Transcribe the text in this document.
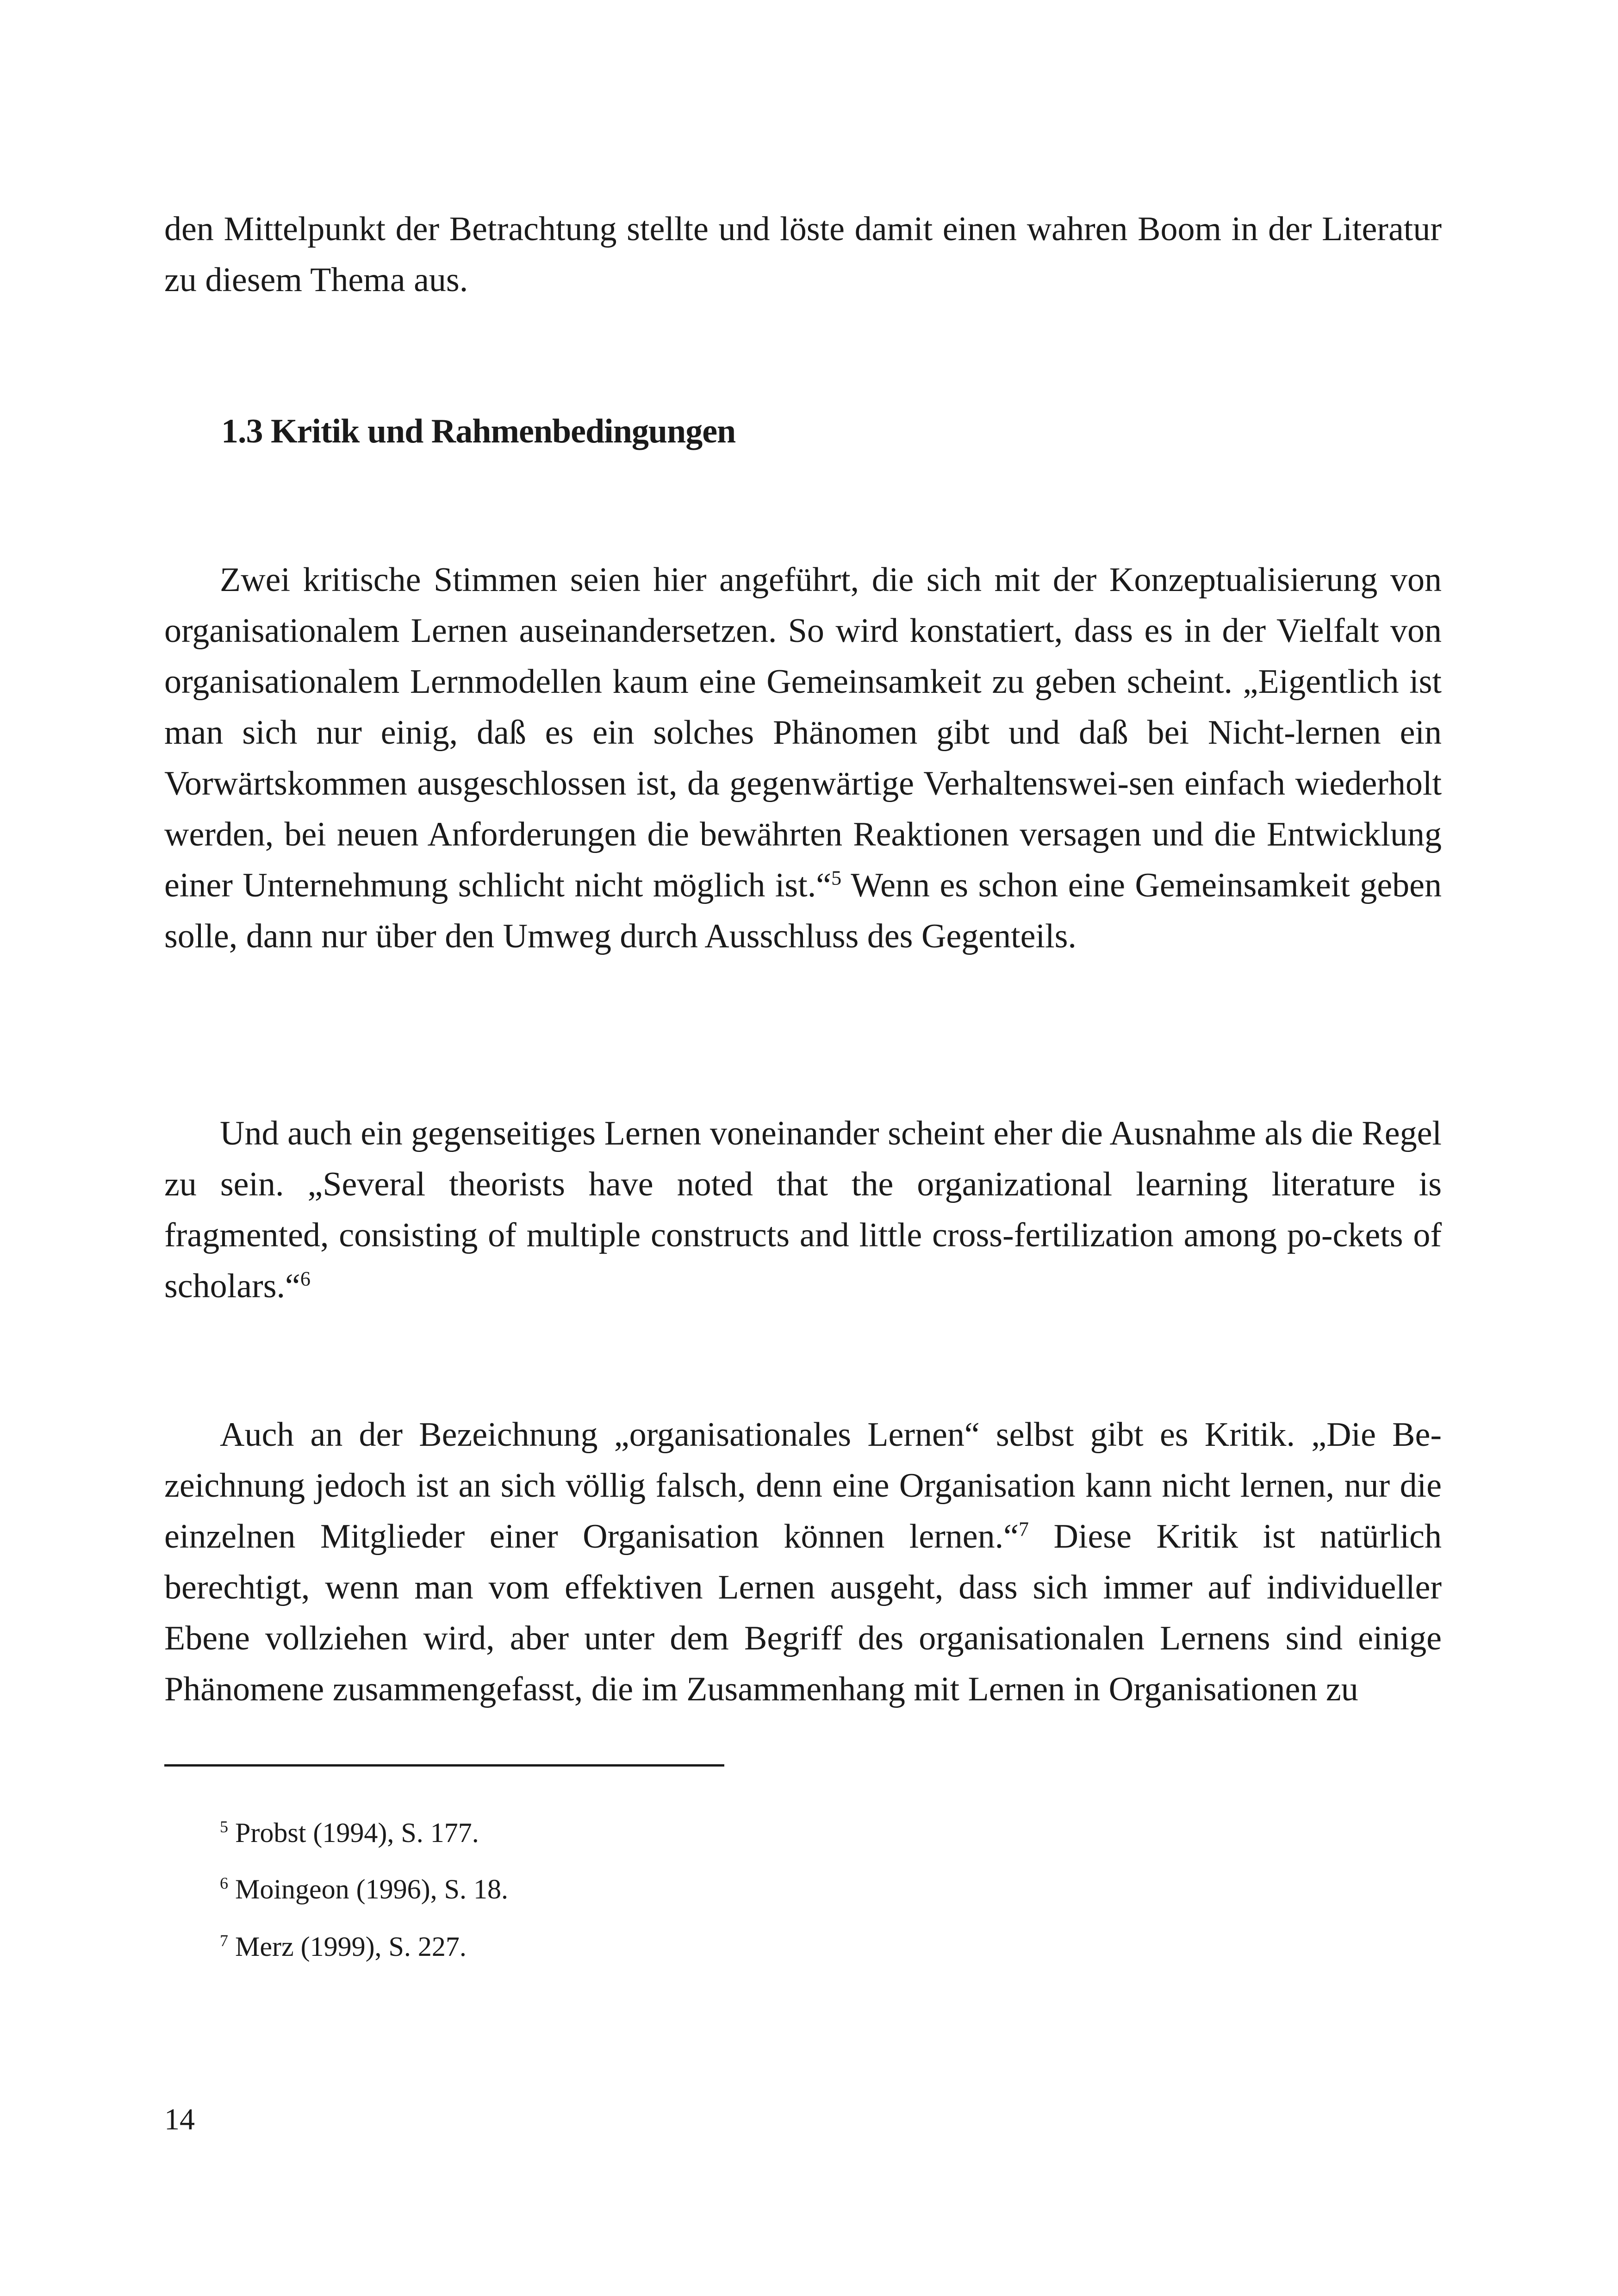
den Mittelpunkt der Betrachtung stellte und löste damit einen wahren Boom in der Literatur zu diesem Thema aus.

1.3 Kritik und Rahmenbedingungen

Zwei kritische Stimmen seien hier angeführt, die sich mit der Konzeptualisierung von organisationalem Lernen auseinandersetzen. So wird konstatiert, dass es in der Vielfalt von organisationalem Lernmodellen kaum eine Gemeinsamkeit zu geben scheint. „Eigentlich ist man sich nur einig, daß es ein solches Phänomen gibt und daß bei Nicht-lernen ein Vorwärtskommen ausgeschlossen ist, da gegenwärtige Verhaltenswei-sen einfach wiederholt werden, bei neuen Anforderungen die bewährten Reaktionen versagen und die Entwicklung einer Unternehmung schlicht nicht möglich ist.“$^5$ Wenn es schon eine Gemeinsamkeit geben solle, dann nur über den Umweg durch Ausschluss des Gegenteils.

Und auch ein gegenseitiges Lernen voneinander scheint eher die Ausnahme als die Regel zu sein. „Several theorists have noted that the organizational learning literature is fragmented, consisting of multiple constructs and little cross-fertilization among po-ckets of scholars.“$^6$

Auch an der Bezeichnung „organisationales Lernen“ selbst gibt es Kritik. „Die Be-zeichnung jedoch ist an sich völlig falsch, denn eine Organisation kann nicht lernen, nur die einzelnen Mitglieder einer Organisation können lernen.“$^7$ Diese Kritik ist natürlich berechtigt, wenn man vom effektiven Lernen ausgeht, dass sich immer auf individueller Ebene vollziehen wird, aber unter dem Begriff des organisationalen Lernens sind einige Phänomene zusammengefasst, die im Zusammenhang mit Lernen in Organisationen zu

$^5$ Probst (1994), S. 177.

$^6$ Moingeon (1996), S. 18.

$^7$ Merz (1999), S. 227.

14
